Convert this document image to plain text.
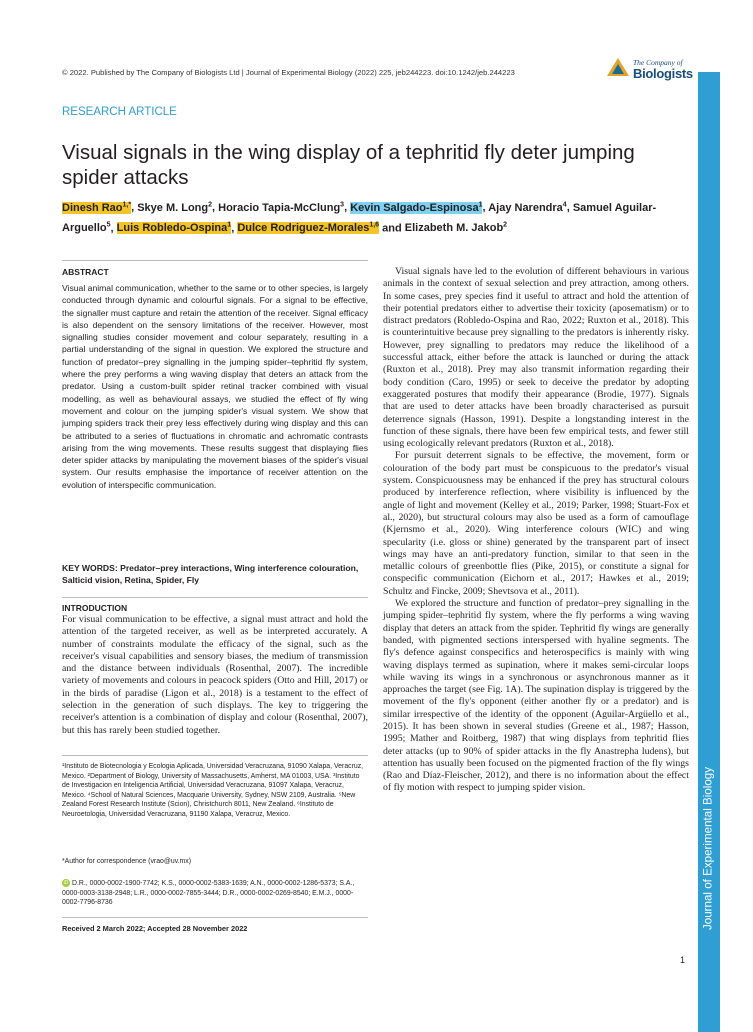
© 2022. Published by The Company of Biologists Ltd | Journal of Experimental Biology (2022) 225, jeb244223. doi:10.1242/jeb.244223
The Company of
Biologists
Journal of Experimental Biology
RESEARCH ARTICLE
Visual signals in the wing display of a tephritid fly deter jumping spider attacks
Dinesh Rao$^{1,*}$, Skye M. Long$^2$, Horacio Tapia-McClung$^3$, Kevin Salgado-Espinosa$^1$, Ajay Narendra$^4$, Samuel Aguilar-Arguello$^5$, Luis Robledo-Ospina$^1$, Dulce Rodriguez-Morales$^{1,6}$ and Elizabeth M. Jakob$^2$
ABSTRACT

Visual animal communication, whether to the same or to other species, is largely conducted through dynamic and colourful signals. For a signal to be effective, the signaller must capture and retain the attention of the receiver. Signal efficacy is also dependent on the sensory limitations of the receiver. However, most signalling studies consider movement and colour separately, resulting in a partial understanding of the signal in question. We explored the structure and function of predator–prey signalling in the jumping spider–tephritid fly system, where the prey performs a wing waving display that deters an attack from the predator. Using a custom-built spider retinal tracker combined with visual modelling, as well as behavioural assays, we studied the effect of fly wing movement and colour on the jumping spider's visual system. We show that jumping spiders track their prey less effectively during wing display and this can be attributed to a series of fluctuations in chromatic and achromatic contrasts arising from the wing movements. These results suggest that displaying flies deter spider attacks by manipulating the movement biases of the spider's visual system. Our results emphasise the importance of receiver attention on the evolution of interspecific communication.

KEY WORDS: Predator–prey interactions, Wing interference colouration, Salticid vision, Retina, Spider, Fly

INTRODUCTION

For visual communication to be effective, a signal must attract and hold the attention of the targeted receiver, as well as be interpreted accurately. A number of constraints modulate the efficacy of the signal, such as the receiver's visual capabilities and sensory biases, the medium of transmission and the distance between individuals (Rosenthal, 2007). The incredible variety of movements and colours in peacock spiders (Otto and Hill, 2017) or in the birds of paradise (Ligon et al., 2018) is a testament to the effect of selection in the generation of such displays. The key to triggering the receiver's attention is a combination of display and colour (Rosenthal, 2007), but this has rarely been studied together.

¹Instituto de Biotecnologia y Ecologia Aplicada, Universidad Veracruzana, 91090 Xalapa, Veracruz, Mexico. ²Department of Biology, University of Massachusetts, Amherst, MA 01003, USA. ³Instituto de Investigacion en Inteligencia Artificial, Universidad Veracruzana, 91097 Xalapa, Veracruz, Mexico. ⁴School of Natural Sciences, Macquarie University, Sydney, NSW 2109, Australia. ⁵New Zealand Forest Research Institute (Scion), Christchurch 8011, New Zealand. ⁶Instituto de Neuroetologia, Universidad Veracruzana, 91190 Xalapa, Veracruz, Mexico.

*Author for correspondence (vrao@uv.mx)

iD D.R., 0000-0002-1900-7742; K.S., 0000-0002-5383-1639; A.N., 0000-0002-1286-5373; S.A., 0000-0003-3138-2948; L.R., 0000-0002-7855-3444; D.R., 0000-0002-0269-8540; E.M.J., 0000-0002-7796-8736

Received 2 March 2022; Accepted 28 November 2022

Visual signals have led to the evolution of different behaviours in various animals in the context of sexual selection and prey attraction, among others. In some cases, prey species find it useful to attract and hold the attention of their potential predators either to advertise their toxicity (aposematism) or to distract predators (Robledo-Ospina and Rao, 2022; Ruxton et al., 2018). This is counterintuitive because prey signalling to the predators is inherently risky. However, prey signalling to predators may reduce the likelihood of a successful attack, either before the attack is launched or during the attack (Ruxton et al., 2018). Prey may also transmit information regarding their body condition (Caro, 1995) or seek to deceive the predator by adopting exaggerated postures that modify their appearance (Brodie, 1977). Signals that are used to deter attacks have been broadly characterised as pursuit deterrence signals (Hasson, 1991). Despite a longstanding interest in the function of these signals, there have been few empirical tests, and fewer still using ecologically relevant predators (Ruxton et al., 2018).

For pursuit deterrent signals to be effective, the movement, form or colouration of the body part must be conspicuous to the predator's visual system. Conspicuousness may be enhanced if the prey has structural colours produced by interference reflection, where visibility is influenced by the angle of light and movement (Kelley et al., 2019; Parker, 1998; Stuart-Fox et al., 2020), but structural colours may also be used as a form of camouflage (Kjernsmo et al., 2020). Wing interference colours (WIC) and wing specularity (i.e. gloss or shine) generated by the transparent part of insect wings may have an anti-predatory function, similar to that seen in the metallic colours of greenbottle flies (Pike, 2015), or constitute a signal for conspecific communication (Eichorn et al., 2017; Hawkes et al., 2019; Schultz and Fincke, 2009; Shevtsova et al., 2011).

We explored the structure and function of predator–prey signalling in the jumping spider–tephritid fly system, where the fly performs a wing waving display that deters an attack from the spider. Tephritid fly wings are generally banded, with pigmented sections interspersed with hyaline segments. The fly's defence against conspecifics and heterospecifics is mainly with wing waving displays termed as supination, where it makes semi-circular loops while waving its wings in a synchronous or asynchronous manner as it approaches the target (see Fig. 1A). The supination display is triggered by the movement of the fly's opponent (either another fly or a predator) and is similar irrespective of the identity of the opponent (Aguilar-Argüello et al., 2015). It has been shown in several studies (Greene et al., 1987; Hasson, 1995; Mather and Roitberg, 1987) that wing displays from tephritid flies deter attacks (up to 90% of spider attacks in the fly Anastrepha ludens), but attention has usually been focused on the pigmented fraction of the fly wings (Rao and Díaz-Fleischer, 2012), and there is no information about the effect of fly motion with respect to jumping spider vision.

1
